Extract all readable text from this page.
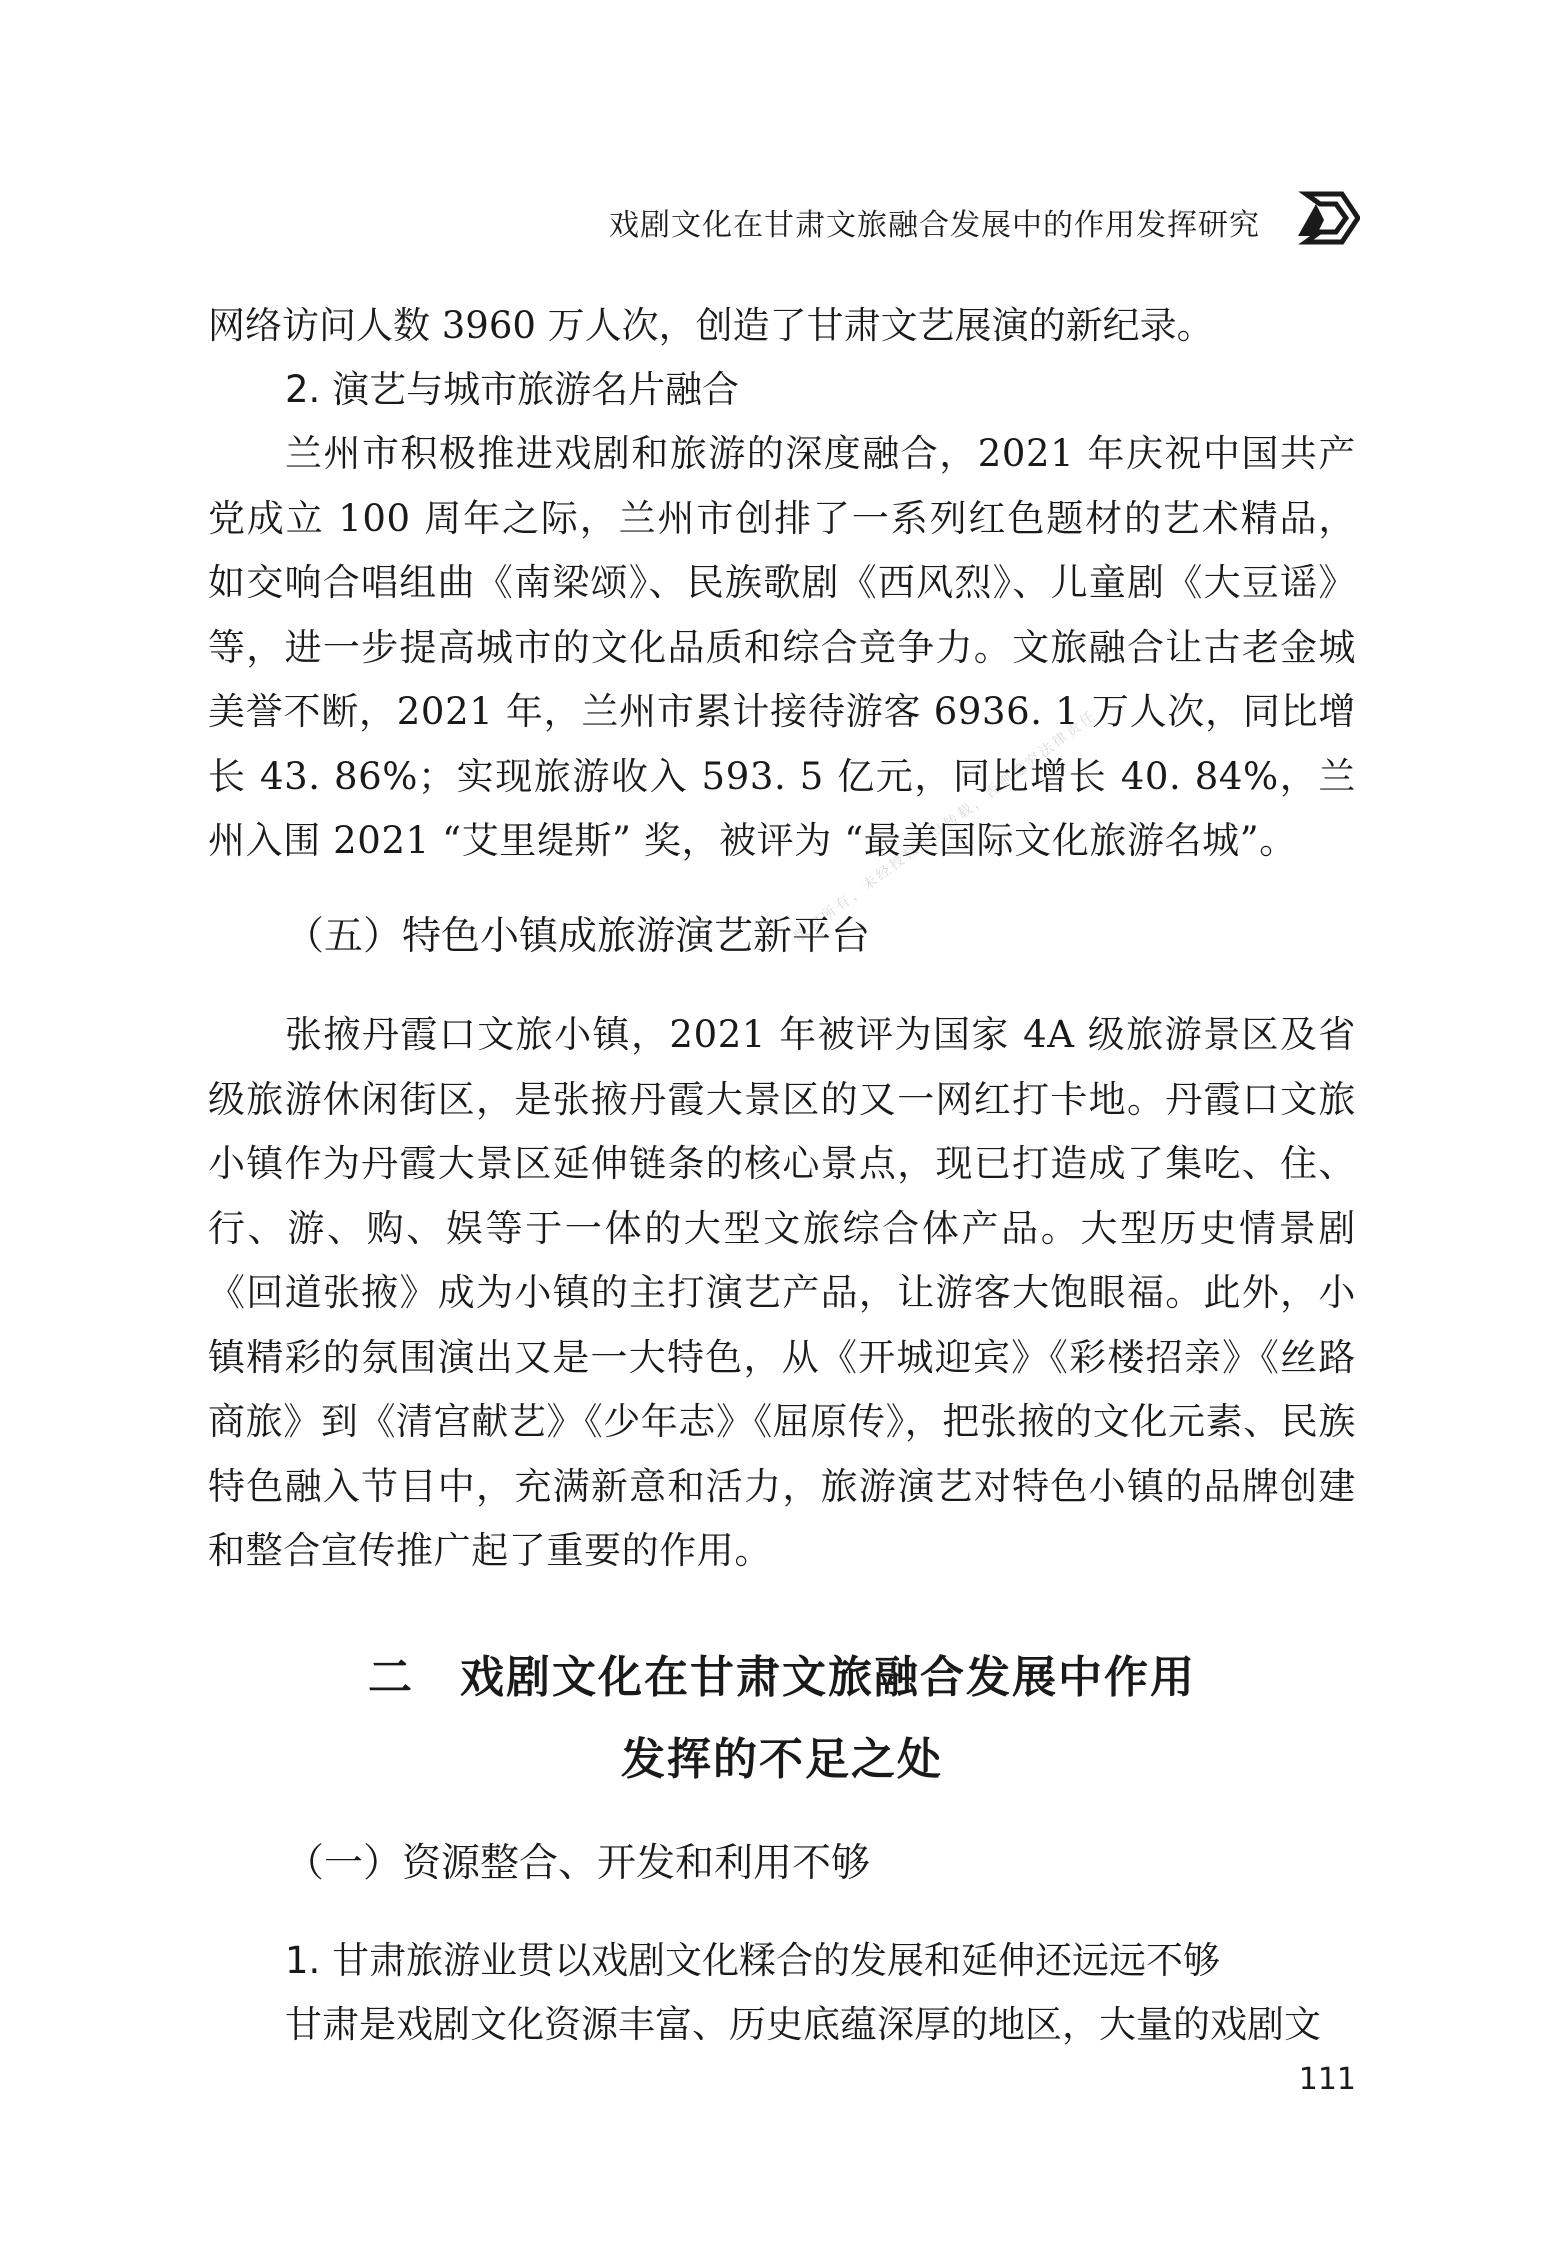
戏剧文化在甘肃文旅融合发展中的作用发挥研究
版权所有，未经授权不得转载，否则追究法律责任
网络访问人数 3960 万人次，创造了甘肃文艺展演的新纪录。
2. 演艺与城市旅游名片融合
兰州市积极推进戏剧和旅游的深度融合，2021 年庆祝中国共产党成立 100 周年之际，兰州市创排了一系列红色题材的艺术精品，如交响合唱组曲《南梁颂》、民族歌剧《西风烈》、儿童剧《大豆谣》等，进一步提高城市的文化品质和综合竞争力。文旅融合让古老金城美誉不断，2021 年，兰州市累计接待游客 6936. 1 万人次，同比增长 43. 86%；实现旅游收入 593. 5 亿元，同比增长 40. 84%，兰州入围 2021 “艾里缇斯” 奖，被评为 “最美国际文化旅游名城”。
（五）特色小镇成旅游演艺新平台
张掖丹霞口文旅小镇，2021 年被评为国家 4A 级旅游景区及省级旅游休闲街区，是张掖丹霞大景区的又一网红打卡地。丹霞口文旅小镇作为丹霞大景区延伸链条的核心景点，现已打造成了集吃、住、行、游、购、娱等于一体的大型文旅综合体产品。大型历史情景剧《回道张掖》成为小镇的主打演艺产品，让游客大饱眼福。此外，小镇精彩的氛围演出又是一大特色，从《开城迎宾》《彩楼招亲》《丝路商旅》到《清宫献艺》《少年志》《屈原传》，把张掖的文化元素、民族特色融入节目中，充满新意和活力，旅游演艺对特色小镇的品牌创建和整合宣传推广起了重要的作用。
二　戏剧文化在甘肃文旅融合发展中作用
发挥的不足之处
（一）资源整合、开发和利用不够
1. 甘肃旅游业贯以戏剧文化糅合的发展和延伸还远远不够
甘肃是戏剧文化资源丰富、历史底蕴深厚的地区，大量的戏剧文
111
